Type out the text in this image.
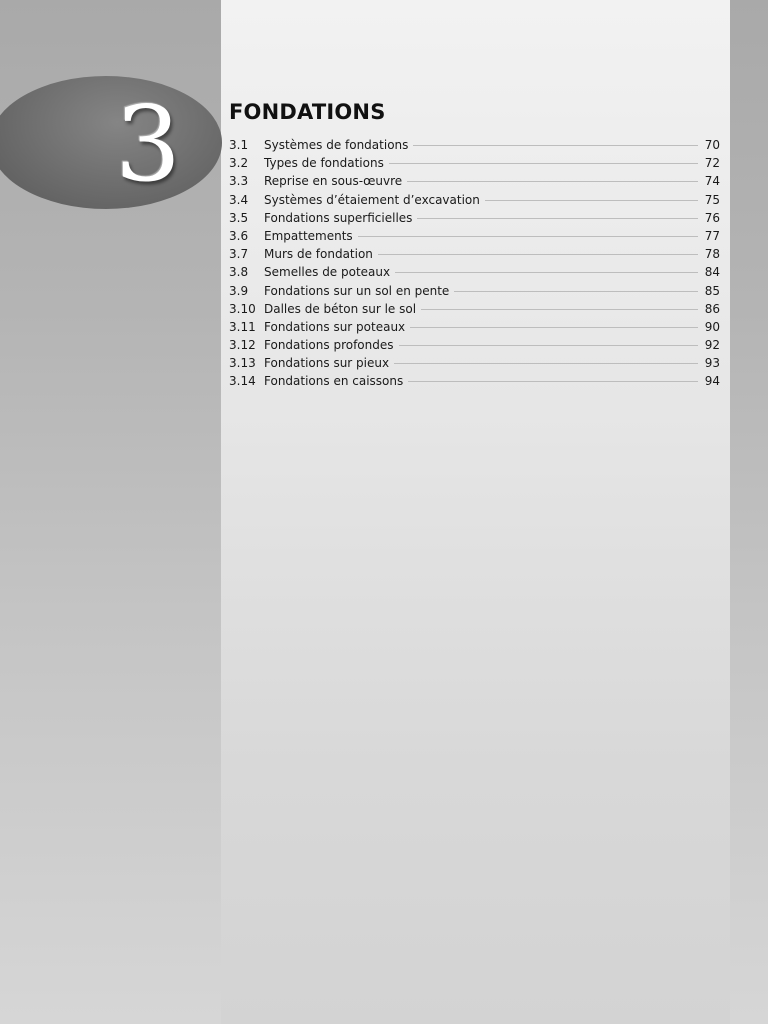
3 FONDATIONS
3.1	Systèmes de fondations	70
3.2	Types de fondations	72
3.3	Reprise en sous-œuvre	74
3.4	Systèmes d’étaiement d’excavation	75
3.5	Fondations superficielles	76
3.6	Empattements	77
3.7	Murs de fondation	78
3.8	Semelles de poteaux	84
3.9	Fondations sur un sol en pente	85
3.10 Dalles de béton sur le sol	86
3.11 Fondations sur poteaux	90
3.12 Fondations profondes	92
3.13 Fondations sur pieux	93
3.14 Fondations en caissons	94
